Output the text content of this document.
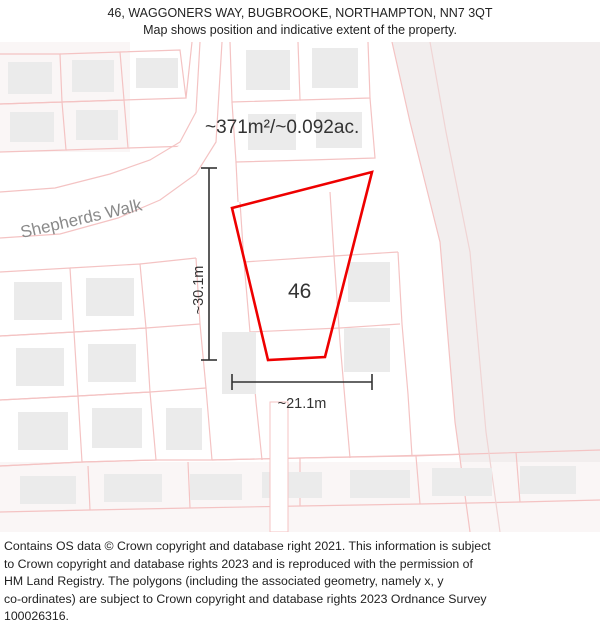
46, WAGGONERS WAY, BUGBROOKE, NORTHAMPTON, NN7 3QT
Map shows position and indicative extent of the property.
Shepherds Walk
46
~30.1m
~21.1m
~371m²/~0.092ac.

Contains OS data © Crown copyright and database right 2021. This information is subject

to Crown copyright and database rights 2023 and is reproduced with the permission of

HM Land Registry. The polygons (including the associated geometry, namely x, y

co-ordinates) are subject to Crown copyright and database rights 2023 Ordnance Survey

100026316.
